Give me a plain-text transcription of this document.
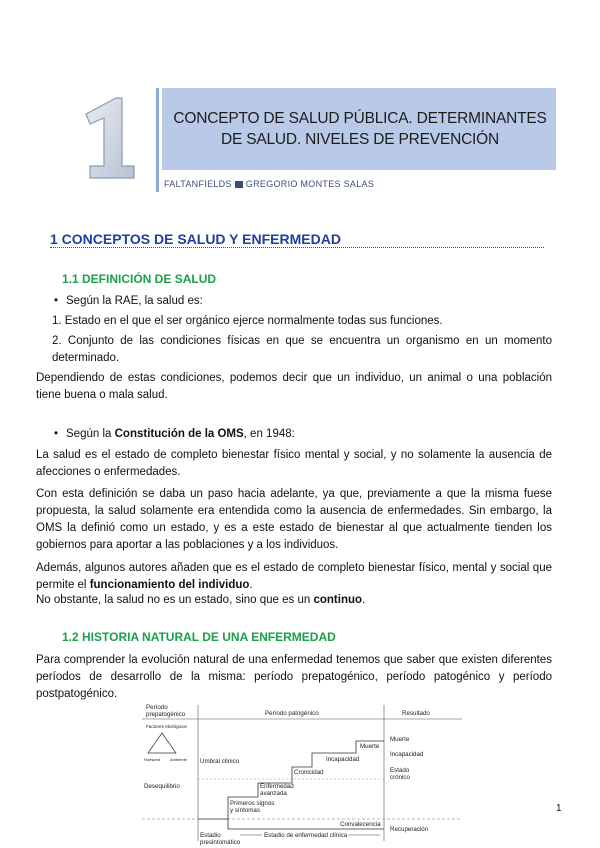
1
CONCEPTO DE SALUD PÚBLICA. DETERMINANTES DE SALUD. NIVELES DE PREVENCIÓN
FALTANFIELDS GREGORIO MONTES SALAS
1 CONCEPTOS DE SALUD Y ENFERMEDAD
1.1 DEFINICIÓN DE SALUD
• Según la RAE, la salud es:
1. Estado en el que el ser orgánico ejerce normalmente todas sus funciones.
2. Conjunto de las condiciones físicas en que se encuentra un organismo en un momento
determinado.
Dependiendo de estas condiciones, podemos decir que un individuo, un animal o una población tiene buena o mala salud.
• Según la Constitución de la OMS, en 1948:
La salud es el estado de completo bienestar físico mental y social, y no solamente la ausencia de afecciones o enfermedades.
Con esta definición se daba un paso hacia adelante, ya que, previamente a que la misma fuese propuesta, la salud solamente era entendida como la ausencia de enfermedades. Sin embargo, la OMS la definió como un estado, y es a este estado de bienestar al que actualmente tienden los gobiernos para aportar a las poblaciones y a los individuos.
Además, algunos autores añaden que es el estado de completo bienestar físico, mental y social que permite el funcionamiento del individuo.
No obstante, la salud no es un estado, sino que es un continuo.
1.2 HISTORIA NATURAL DE UNA ENFERMEDAD
Para comprender la evolución natural de una enfermedad tenemos que saber que existen diferentes períodos de desarrollo de la misma: período prepatogénico, período patogénico y período postpatogénico.
Período
prepatogénico	Período patogénico	Resultado
Factores etiológicos
Huésped Ambiente
Desequilibrio
Umbral clínico
Primeros signos
y síntomas
Enfermedad
avanzada
Cronicidad
Incapacidad
Muerte
Convalecencia
Muerte
Incapacidad
Estado
crónico
Recuperación
Estadio
presintomático
Estadio de enfermedad clínica
1
